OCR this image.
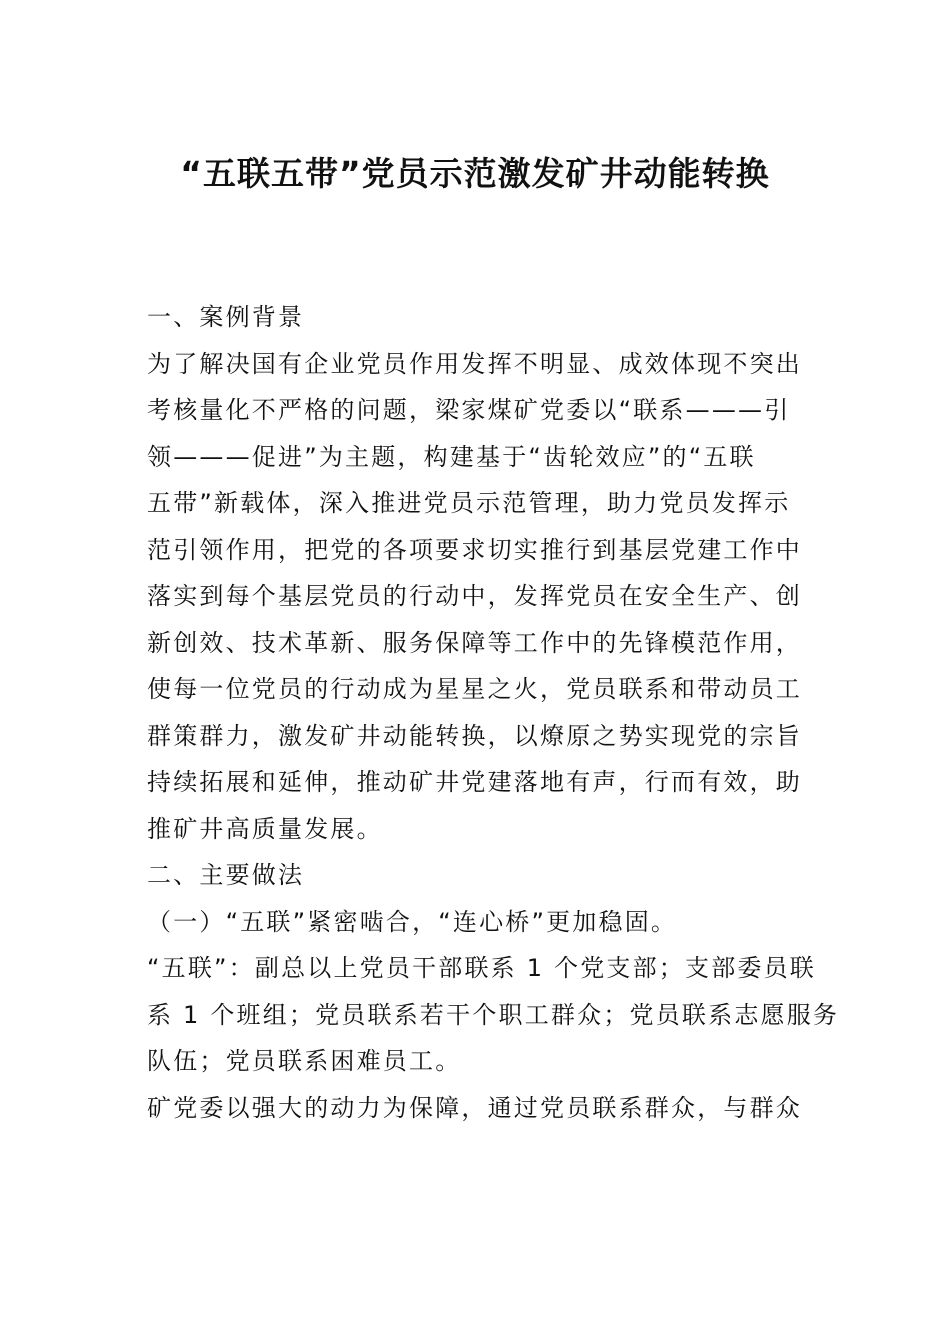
“五联五带”党员示范激发矿井动能转换
一、案例背景
为了解决国有企业党员作用发挥不明显、成效体现不突出
考核量化不严格的问题，梁家煤矿党委以“联系———引
领———促进”为主题，构建基于“齿轮效应”的“五联
五带”新载体，深入推进党员示范管理，助力党员发挥示
范引领作用，把党的各项要求切实推行到基层党建工作中
落实到每个基层党员的行动中，发挥党员在安全生产、创
新创效、技术革新、服务保障等工作中的先锋模范作用，
使每一位党员的行动成为星星之火，党员联系和带动员工
群策群力，激发矿井动能转换，以燎原之势实现党的宗旨
持续拓展和延伸，推动矿井党建落地有声，行而有效，助
推矿井高质量发展。
二、主要做法
（一）“五联”紧密啮合，“连心桥”更加稳固。
“五联”：副总以上党员干部联系 1 个党支部；支部委员联
系 1 个班组；党员联系若干个职工群众；党员联系志愿服务
队伍；党员联系困难员工。
矿党委以强大的动力为保障，通过党员联系群众，与群众
